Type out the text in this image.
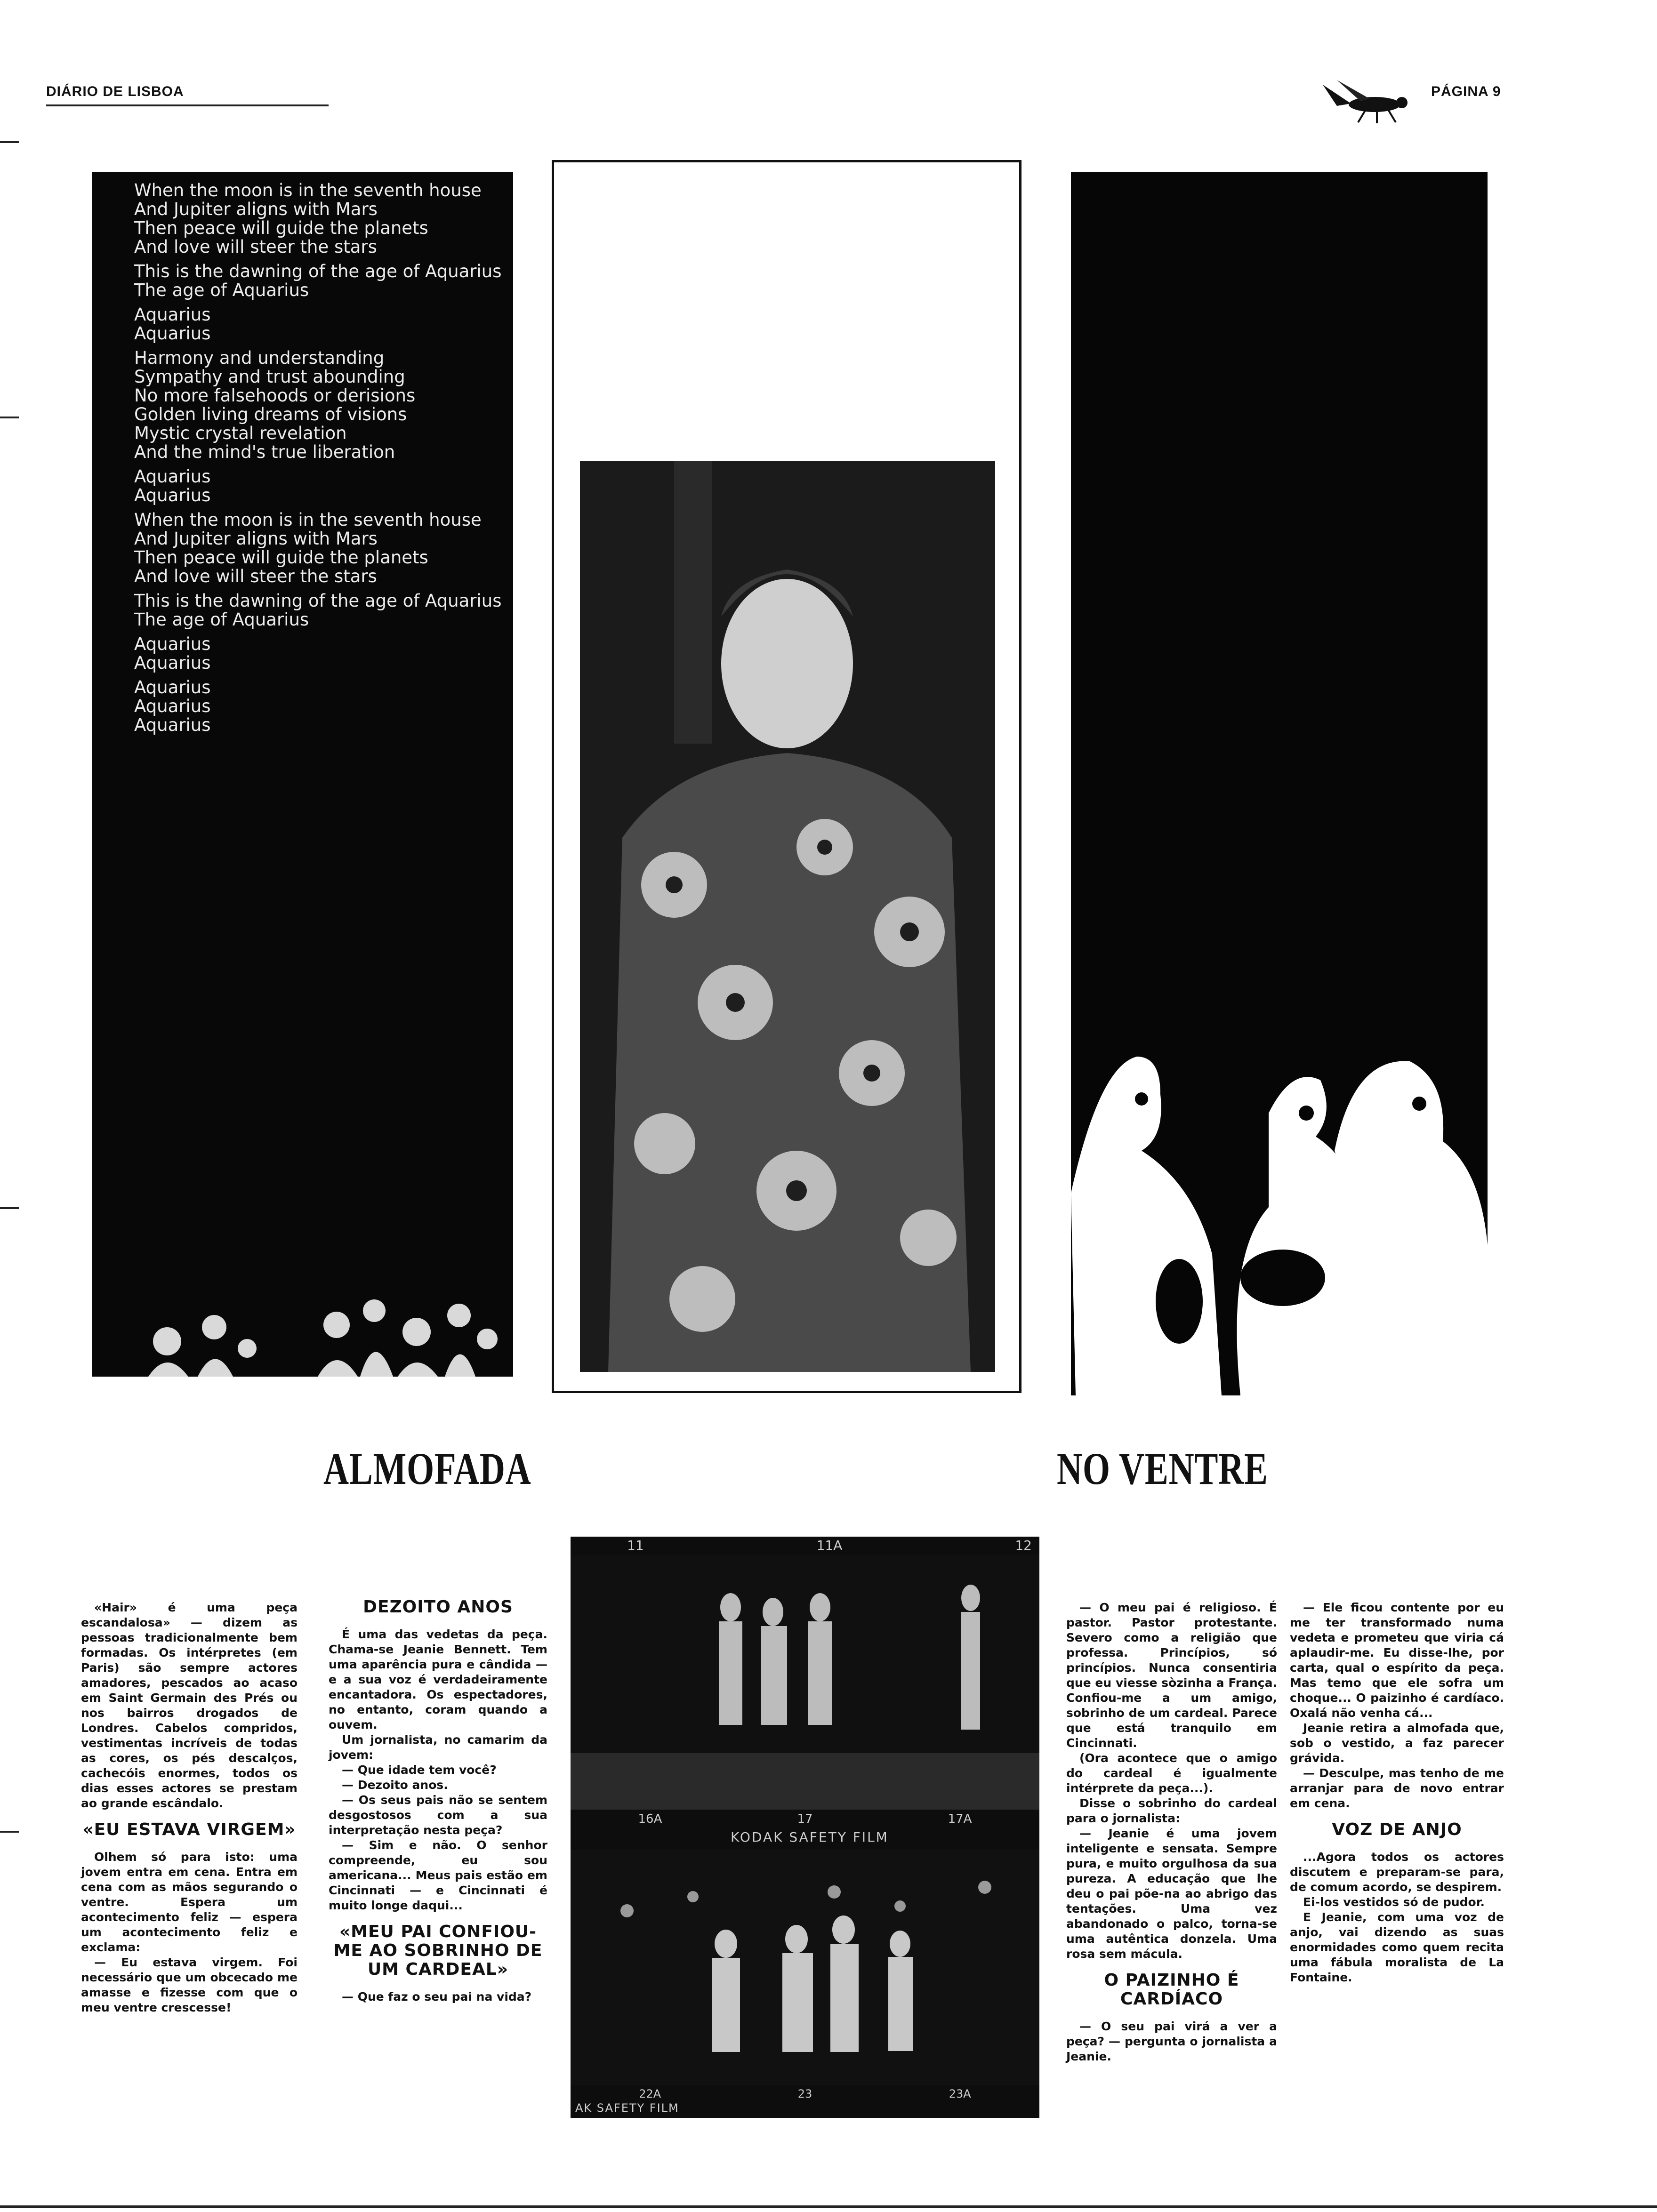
DIÁRIO DE LISBOA	PÁGINA 9
When the moon is in the seventh house
And Jupiter aligns with Mars
Then peace will guide the planets
And love will steer the stars
This is the dawning of the age of Aquarius
The age of Aquarius
Aquarius
Aquarius
Harmony and understanding
Sympathy and trust abounding
No more falsehoods or derisions
Golden living dreams of visions
Mystic crystal revelation
And the mind's true liberation
Aquarius
Aquarius
When the moon is in the seventh house
And Jupiter aligns with Mars
Then peace will guide the planets
And love will steer the stars
This is the dawning of the age of Aquarius
The age of Aquarius
Aquarius
Aquarius
Aquarius
Aquarius
Aquarius
ALMOFADA	NO VENTRE
11	11A	12
16A	17	17A
KODAK SAFETY FILM
22A	23	23A
AK SAFETY FILM

«Hair» é uma peça escandalosa» — dizem as pessoas tradicionalmente bem formadas. Os intérpretes (em Paris) são sempre actores amadores, pescados ao acaso em Saint Germain des Prés ou nos bairros drogados de Londres. Cabelos compridos, vestimentas incríveis de todas as cores, os pés descalços, cachecóis enormes, todos os dias esses actores se prestam ao grande escândalo.

«EU ESTAVA VIRGEM»

Olhem só para isto: uma jovem entra em cena. Entra em cena com as mãos segurando o ventre. Espera um acontecimento feliz — espera um acontecimento feliz e exclama:

— Eu estava virgem. Foi necessário que um obcecado me amasse e fizesse com que o meu ventre crescesse!

DEZOITO ANOS

É uma das vedetas da peça. Chama-se Jeanie Bennett. Tem uma aparência pura e cândida — e a sua voz é verdadeiramente encantadora. Os espectadores, no entanto, coram quando a ouvem.

Um jornalista, no camarim da jovem:

— Que idade tem você?

— Dezoito anos.

— Os seus pais não se sentem desgostosos com a sua interpretação nesta peça?

— Sim e não. O senhor compreende, eu sou americana... Meus pais estão em Cincinnati — e Cincinnati é muito longe daqui...

«MEU PAI CONFIOU-ME AO SOBRINHO DE UM CARDEAL»

— Que faz o seu pai na vida?

— O meu pai é religioso. É pastor. Pastor protestante. Severo como a religião que professa. Princípios, só princípios. Nunca consentiria que eu viesse sòzinha a França. Confiou-me a um amigo, sobrinho de um cardeal. Parece que está tranquilo em Cincinnati.

(Ora acontece que o amigo do cardeal é igualmente intérprete da peça...).

Disse o sobrinho do cardeal para o jornalista:

— Jeanie é uma jovem inteligente e sensata. Sempre pura, e muito orgulhosa da sua pureza. A educação que lhe deu o pai põe-na ao abrigo das tentações. Uma vez abandonado o palco, torna-se uma autêntica donzela. Uma rosa sem mácula.

O PAIZINHO É CARDÍACO

— O seu pai virá a ver a peça? — pergunta o jornalista a Jeanie.

— Ele ficou contente por eu me ter transformado numa vedeta e prometeu que viria cá aplaudir-me. Eu disse-lhe, por carta, qual o espírito da peça. Mas temo que ele sofra um choque... O paizinho é cardíaco. Oxalá não venha cá...

Jeanie retira a almofada que, sob o vestido, a faz parecer grávida.

— Desculpe, mas tenho de me arranjar para de novo entrar em cena.

VOZ DE ANJO

...Agora todos os actores discutem e preparam-se para, de comum acordo, se despirem.

Ei-los vestidos só de pudor.

E Jeanie, com uma voz de anjo, vai dizendo as suas enormidades como quem recita uma fábula moralista de La Fontaine.
